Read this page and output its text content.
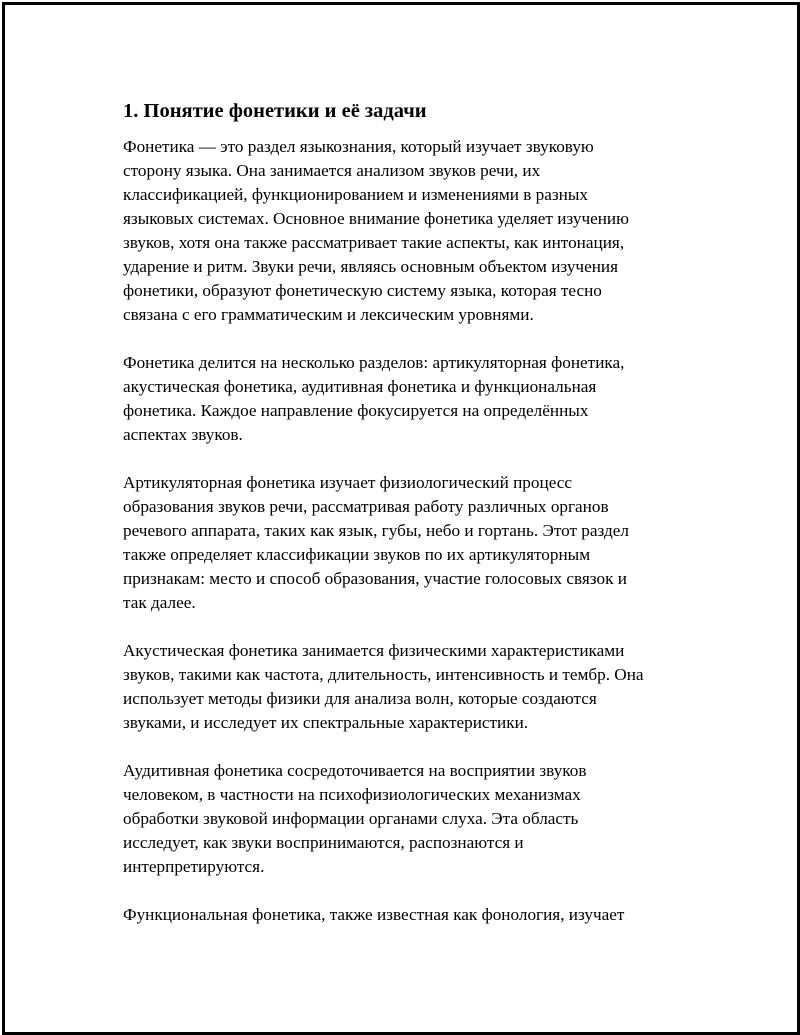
1. Понятие фонетики и её задачи

Фонетика — это раздел языкознания, который изучает звуковую
сторону языка. Она занимается анализом звуков речи, их
классификацией, функционированием и изменениями в разных
языковых системах. Основное внимание фонетика уделяет изучению
звуков, хотя она также рассматривает такие аспекты, как интонация,
ударение и ритм. Звуки речи, являясь основным объектом изучения
фонетики, образуют фонетическую систему языка, которая тесно
связана с его грамматическим и лексическим уровнями.

Фонетика делится на несколько разделов: артикуляторная фонетика,
акустическая фонетика, аудитивная фонетика и функциональная
фонетика. Каждое направление фокусируется на определённых
аспектах звуков.

Артикуляторная фонетика изучает физиологический процесс
образования звуков речи, рассматривая работу различных органов
речевого аппарата, таких как язык, губы, небо и гортань. Этот раздел
также определяет классификации звуков по их артикуляторным
признакам: место и способ образования, участие голосовых связок и
так далее.

Акустическая фонетика занимается физическими характеристиками
звуков, такими как частота, длительность, интенсивность и тембр. Она
использует методы физики для анализа волн, которые создаются
звуками, и исследует их спектральные характеристики.

Аудитивная фонетика сосредоточивается на восприятии звуков
человеком, в частности на психофизиологических механизмах
обработки звуковой информации органами слуха. Эта область
исследует, как звуки воспринимаются, распознаются и
интерпретируются.

Функциональная фонетика, также известная как фонология, изучает
